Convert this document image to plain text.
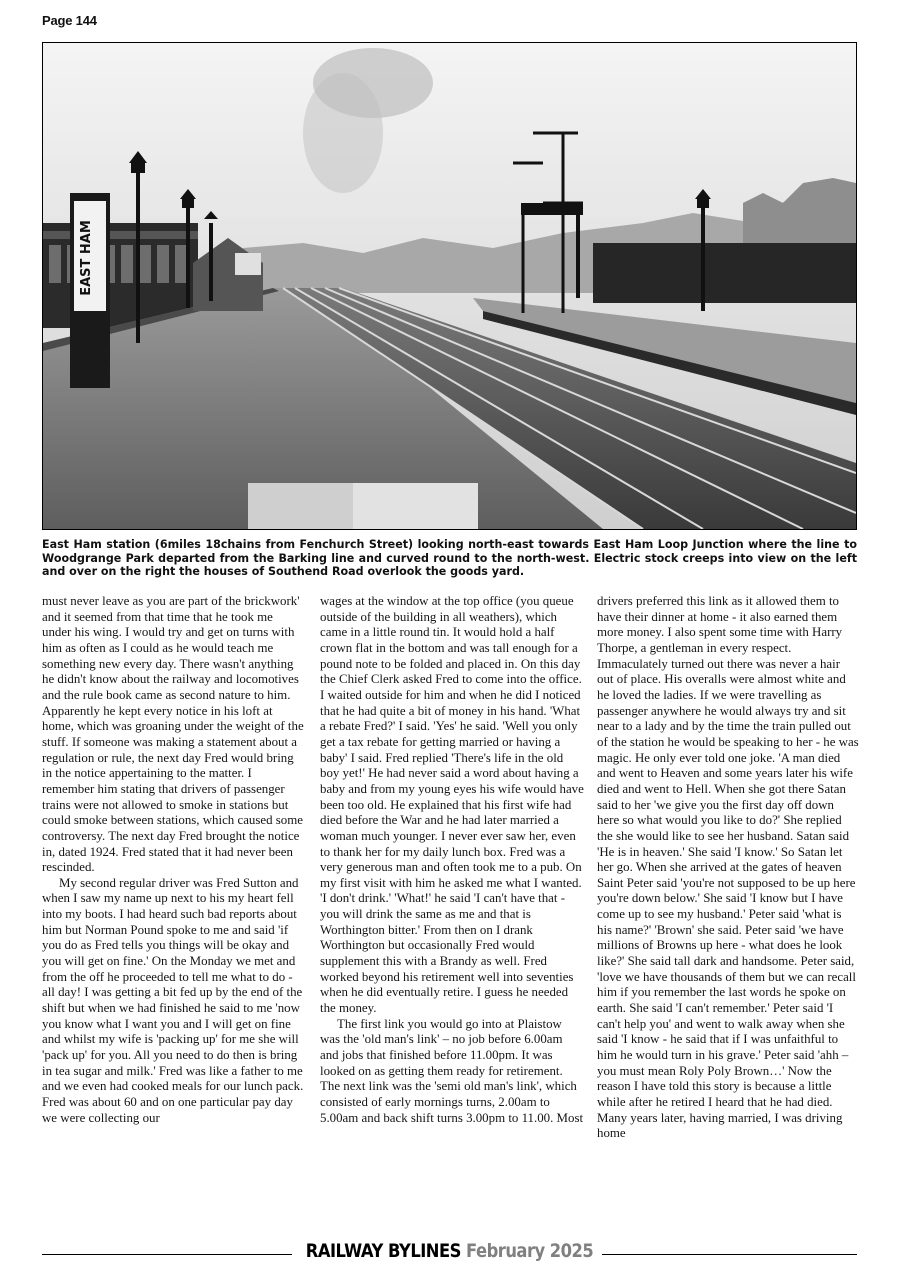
Page 144
EAST HAM
East Ham station (6miles 18chains from Fenchurch Street) looking north-east towards East Ham Loop Junction where the line to Woodgrange Park departed from the Barking line and curved round to the north-west. Electric stock creeps into view on the left and over on the right the houses of Southend Road overlook the goods yard.

must never leave as you are part of the brickwork' and it seemed from that time that he took me under his wing. I would try and get on turns with him as often as I could as he would teach me something new every day. There wasn't anything he didn't know about the railway and locomotives and the rule book came as second nature to him. Apparently he kept every notice in his loft at home, which was groaning under the weight of the stuff. If someone was making a statement about a regulation or rule, the next day Fred would bring in the notice appertaining to the matter. I remember him stating that drivers of passenger trains were not allowed to smoke in stations but could smoke between stations, which caused some controversy. The next day Fred brought the notice in, dated 1924. Fred stated that it had never been rescinded.

My second regular driver was Fred Sutton and when I saw my name up next to his my heart fell into my boots. I had heard such bad reports about him but Norman Pound spoke to me and said 'if you do as Fred tells you things will be okay and you will get on fine.' On the Monday we met and from the off he proceeded to tell me what to do - all day! I was getting a bit fed up by the end of the shift but when we had finished he said to me 'now you know what I want you and I will get on fine and whilst my wife is 'packing up' for me she will 'pack up' for you. All you need to do then is bring in tea sugar and milk.' Fred was like a father to me and we even had cooked meals for our lunch pack. Fred was about 60 and on one particular pay day we were collecting our

wages at the window at the top office (you queue outside of the building in all weathers), which came in a little round tin. It would hold a half crown flat in the bottom and was tall enough for a pound note to be folded and placed in. On this day the Chief Clerk asked Fred to come into the office. I waited outside for him and when he did I noticed that he had quite a bit of money in his hand. 'What a rebate Fred?' I said. 'Yes' he said. 'Well you only get a tax rebate for getting married or having a baby' I said. Fred replied 'There's life in the old boy yet!' He had never said a word about having a baby and from my young eyes his wife would have been too old. He explained that his first wife had died before the War and he had later married a woman much younger. I never ever saw her, even to thank her for my daily lunch box. Fred was a very generous man and often took me to a pub. On my first visit with him he asked me what I wanted. 'I don't drink.' 'What!' he said 'I can't have that - you will drink the same as me and that is Worthington bitter.' From then on I drank Worthington but occasionally Fred would supplement this with a Brandy as well. Fred worked beyond his retirement well into seventies when he did eventually retire. I guess he needed the money.

The first link you would go into at Plaistow was the 'old man's link' – no job before 6.00am and jobs that finished before 11.00pm. It was looked on as getting them ready for retirement. The next link was the 'semi old man's link', which consisted of early mornings turns, 2.00am to 5.00am and back shift turns 3.00pm to 11.00. Most

drivers preferred this link as it allowed them to have their dinner at home - it also earned them more money. I also spent some time with Harry Thorpe, a gentleman in every respect. Immaculately turned out there was never a hair out of place. His overalls were almost white and he loved the ladies. If we were travelling as passenger anywhere he would always try and sit near to a lady and by the time the train pulled out of the station he would be speaking to her - he was magic. He only ever told one joke. 'A man died and went to Heaven and some years later his wife died and went to Hell. When she got there Satan said to her 'we give you the first day off down here so what would you like to do?' She replied the she would like to see her husband. Satan said 'He is in heaven.' She said 'I know.' So Satan let her go. When she arrived at the gates of heaven Saint Peter said 'you're not supposed to be up here you're down below.' She said 'I know but I have come up to see my husband.' Peter said 'what is his name?' 'Brown' she said. Peter said 'we have millions of Browns up here - what does he look like?' She said tall dark and handsome. Peter said, 'love we have thousands of them but we can recall him if you remember the last words he spoke on earth. She said 'I can't remember.' Peter said 'I can't help you' and went to walk away when she said 'I know - he said that if I was unfaithful to him he would turn in his grave.' Peter said 'ahh – you must mean Roly Poly Brown…' Now the reason I have told this story is because a little while after he retired I heard that he had died. Many years later, having married, I was driving home

RAILWAY BYLINES February 2025
